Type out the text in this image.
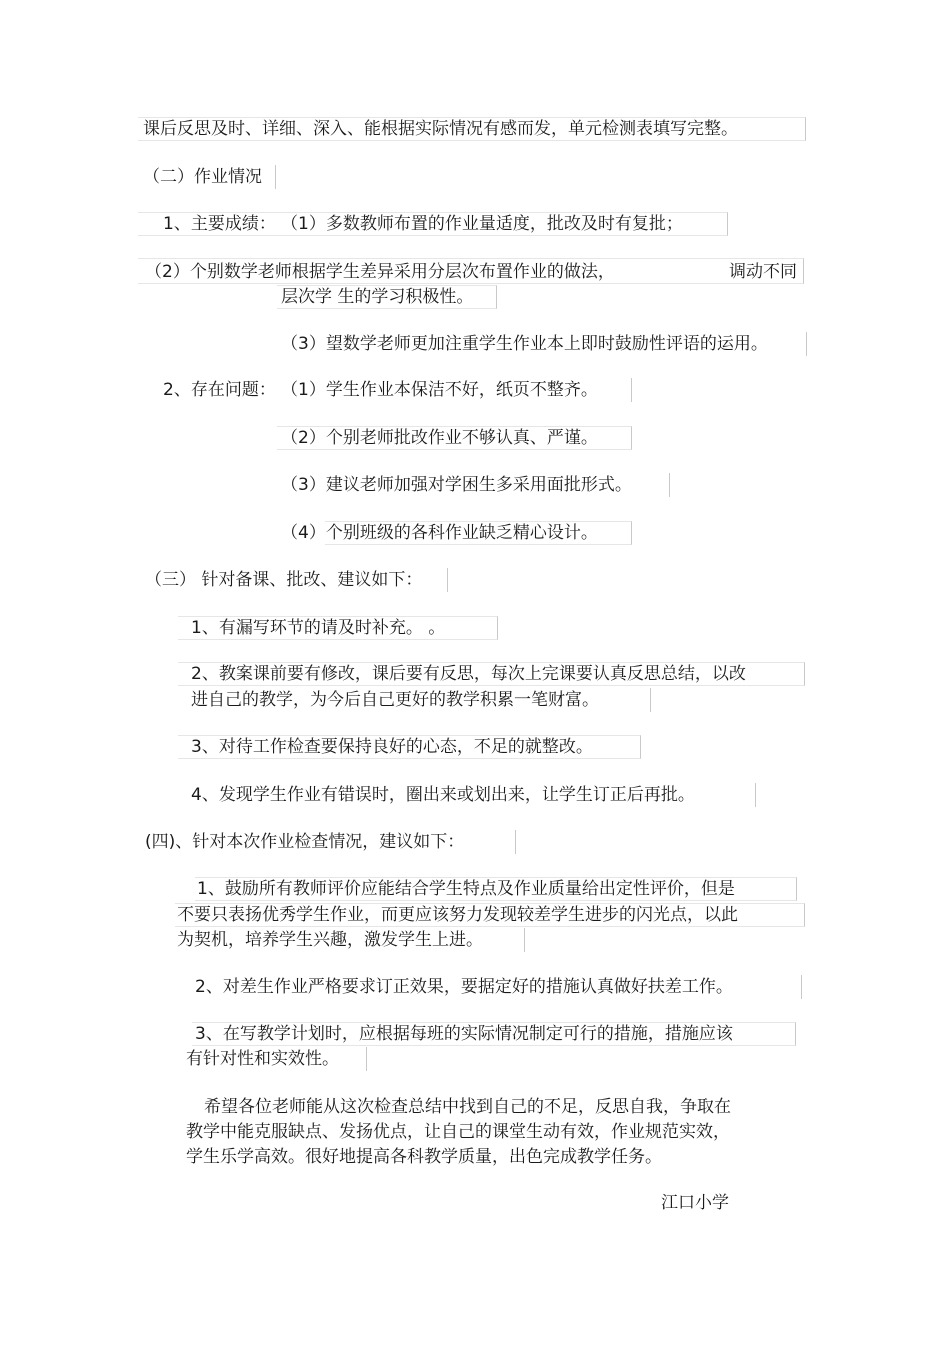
课后反思及时、详细、深入、能根据实际情况有感而发，单元检测表填写完整。
（二）作业情况
1、主要成绩： （1）多数教师布置的作业量适度，批改及时有复批；
（2）个别数学老师根据学生差异采用分层次布置作业的做法，	调动不同
层次学 生的学习积极性。
（3）望数学老师更加注重学生作业本上即时鼓励性评语的运用。
2、存在问题： （1）学生作业本保洁不好，纸页不整齐。
（2）个别老师批改作业不够认真、严谨。
（3）建议老师加强对学困生多采用面批形式。
（4）个别班级的各科作业缺乏精心设计。
（三） 针对备课、批改、建议如下：
1、有漏写环节的请及时补充。 。
2、教案课前要有修改，课后要有反思，每次上完课要认真反思总结，以改
进自己的教学，为今后自己更好的教学积累一笔财富。
3、对待工作检查要保持良好的心态，不足的就整改。
4、发现学生作业有错误时，圈出来或划出来，让学生订正后再批。
(四)、针对本次作业检查情况，建议如下：
1、鼓励所有教师评价应能结合学生特点及作业质量给出定性评价，但是
不要只表扬优秀学生作业，而更应该努力发现较差学生进步的闪光点，以此
为契机，培养学生兴趣，激发学生上进。
2、对差生作业严格要求订正效果，要据定好的措施认真做好扶差工作。
3、在写教学计划时，应根据每班的实际情况制定可行的措施，措施应该
有针对性和实效性。
希望各位老师能从这次检查总结中找到自己的不足，反思自我，争取在
教学中能克服缺点、发扬优点，让自己的课堂生动有效，作业规范实效，
学生乐学高效。很好地提高各科教学质量，出色完成教学任务。
江口小学
